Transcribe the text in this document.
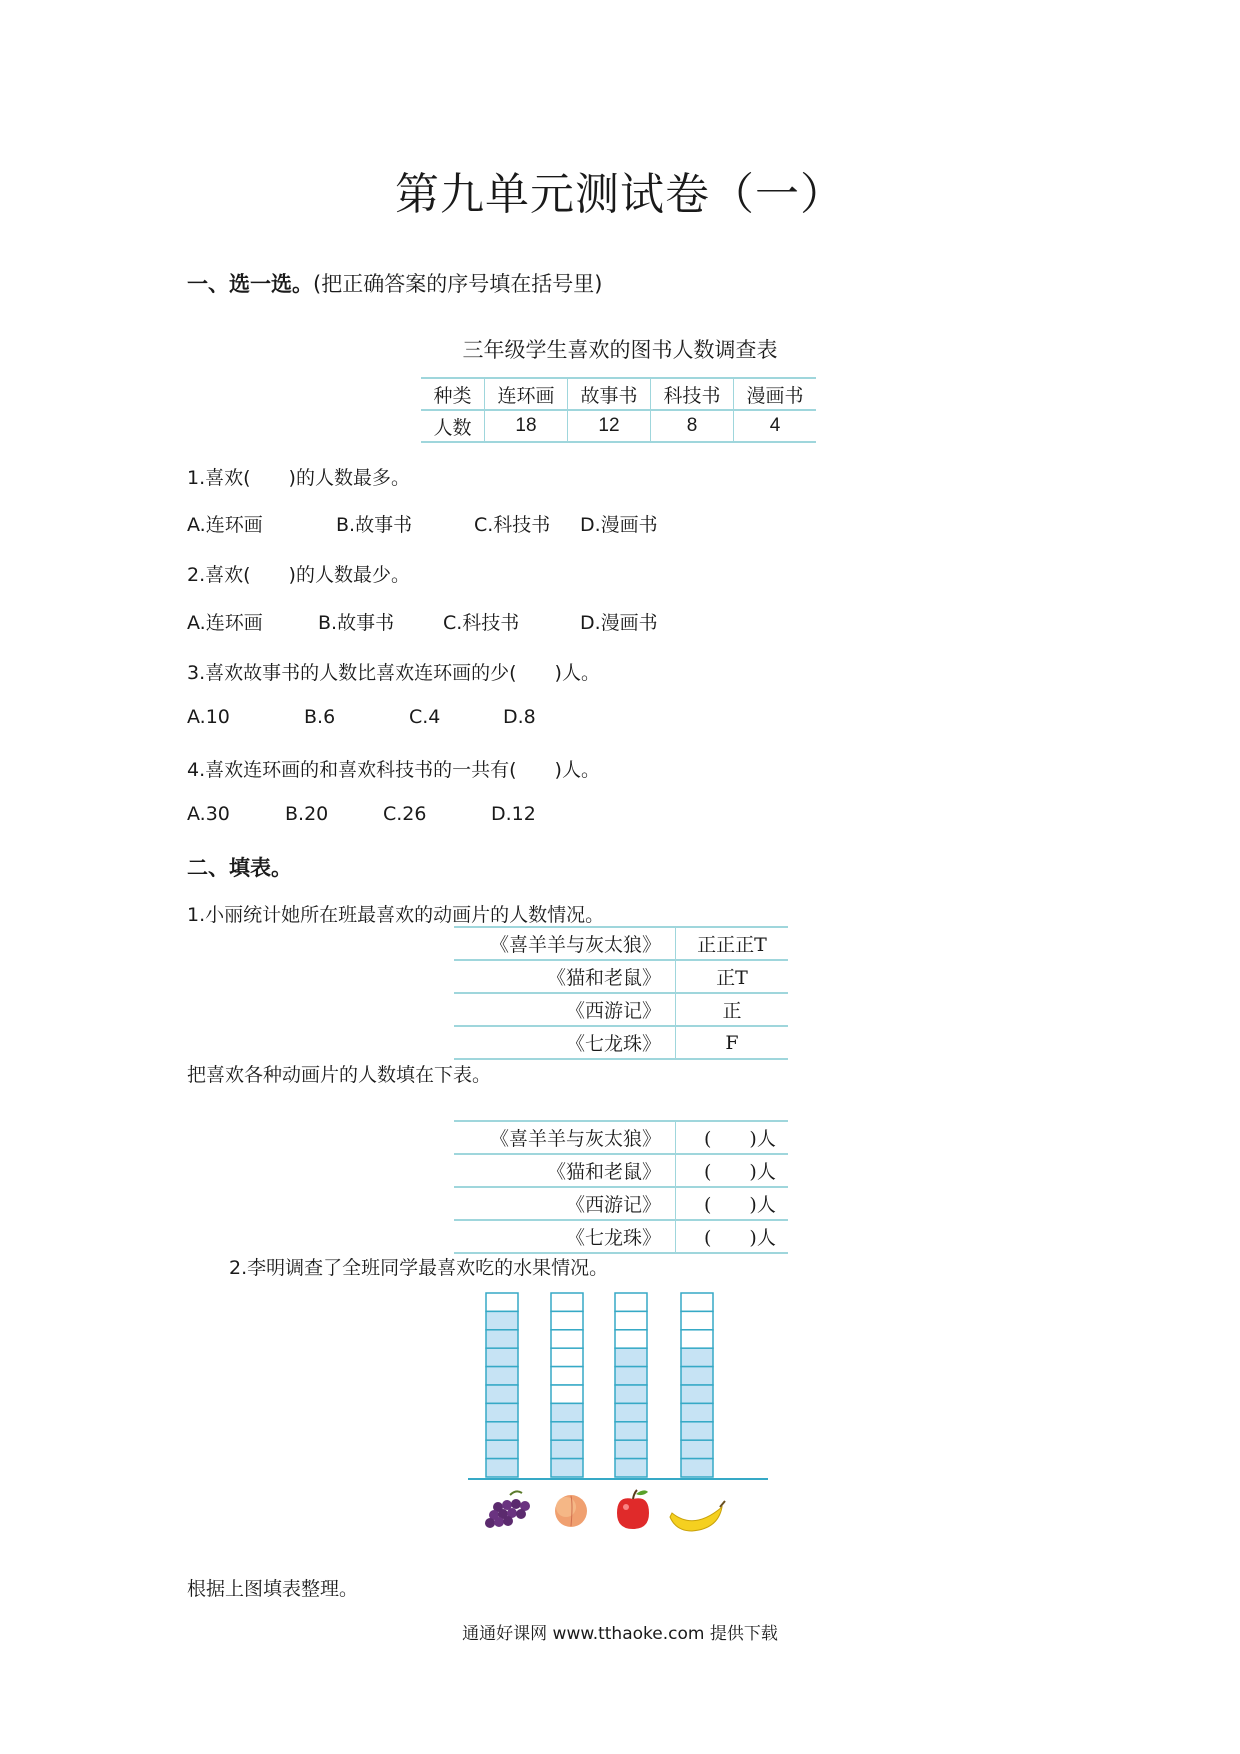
第九单元测试卷（一）
一、选一选。(把正确答案的序号填在括号里)
三年级学生喜欢的图书人数调查表
种类	连环画	故事书	科技书	漫画书
人数	18	12	8	4
1.喜欢(　　)的人数最多。
A.连环画	B.故事书	C.科技书 D.漫画书
2.喜欢(　　)的人数最少。
A.连环画	B.故事书	C.科技书	D.漫画书
3.喜欢故事书的人数比喜欢连环画的少(　　)人。
A.10	B.6	C.4	D.8
4.喜欢连环画的和喜欢科技书的一共有(　　)人。
A.30	B.20	C.26	D.12
二、填表。
1.小丽统计她所在班最喜欢的动画片的人数情况。
《喜羊羊与灰太狼》	正正正T
《猫和老鼠》	正T
《西游记》	正
《七龙珠》	F
把喜欢各种动画片的人数填在下表。
《喜羊羊与灰太狼》	(　　)人
《猫和老鼠》	(　　)人
《西游记》	(　　)人
《七龙珠》	(　　)人
2.李明调查了全班同学最喜欢吃的水果情况。
根据上图填表整理。
通通好课网 www.tthaoke.com 提供下载
